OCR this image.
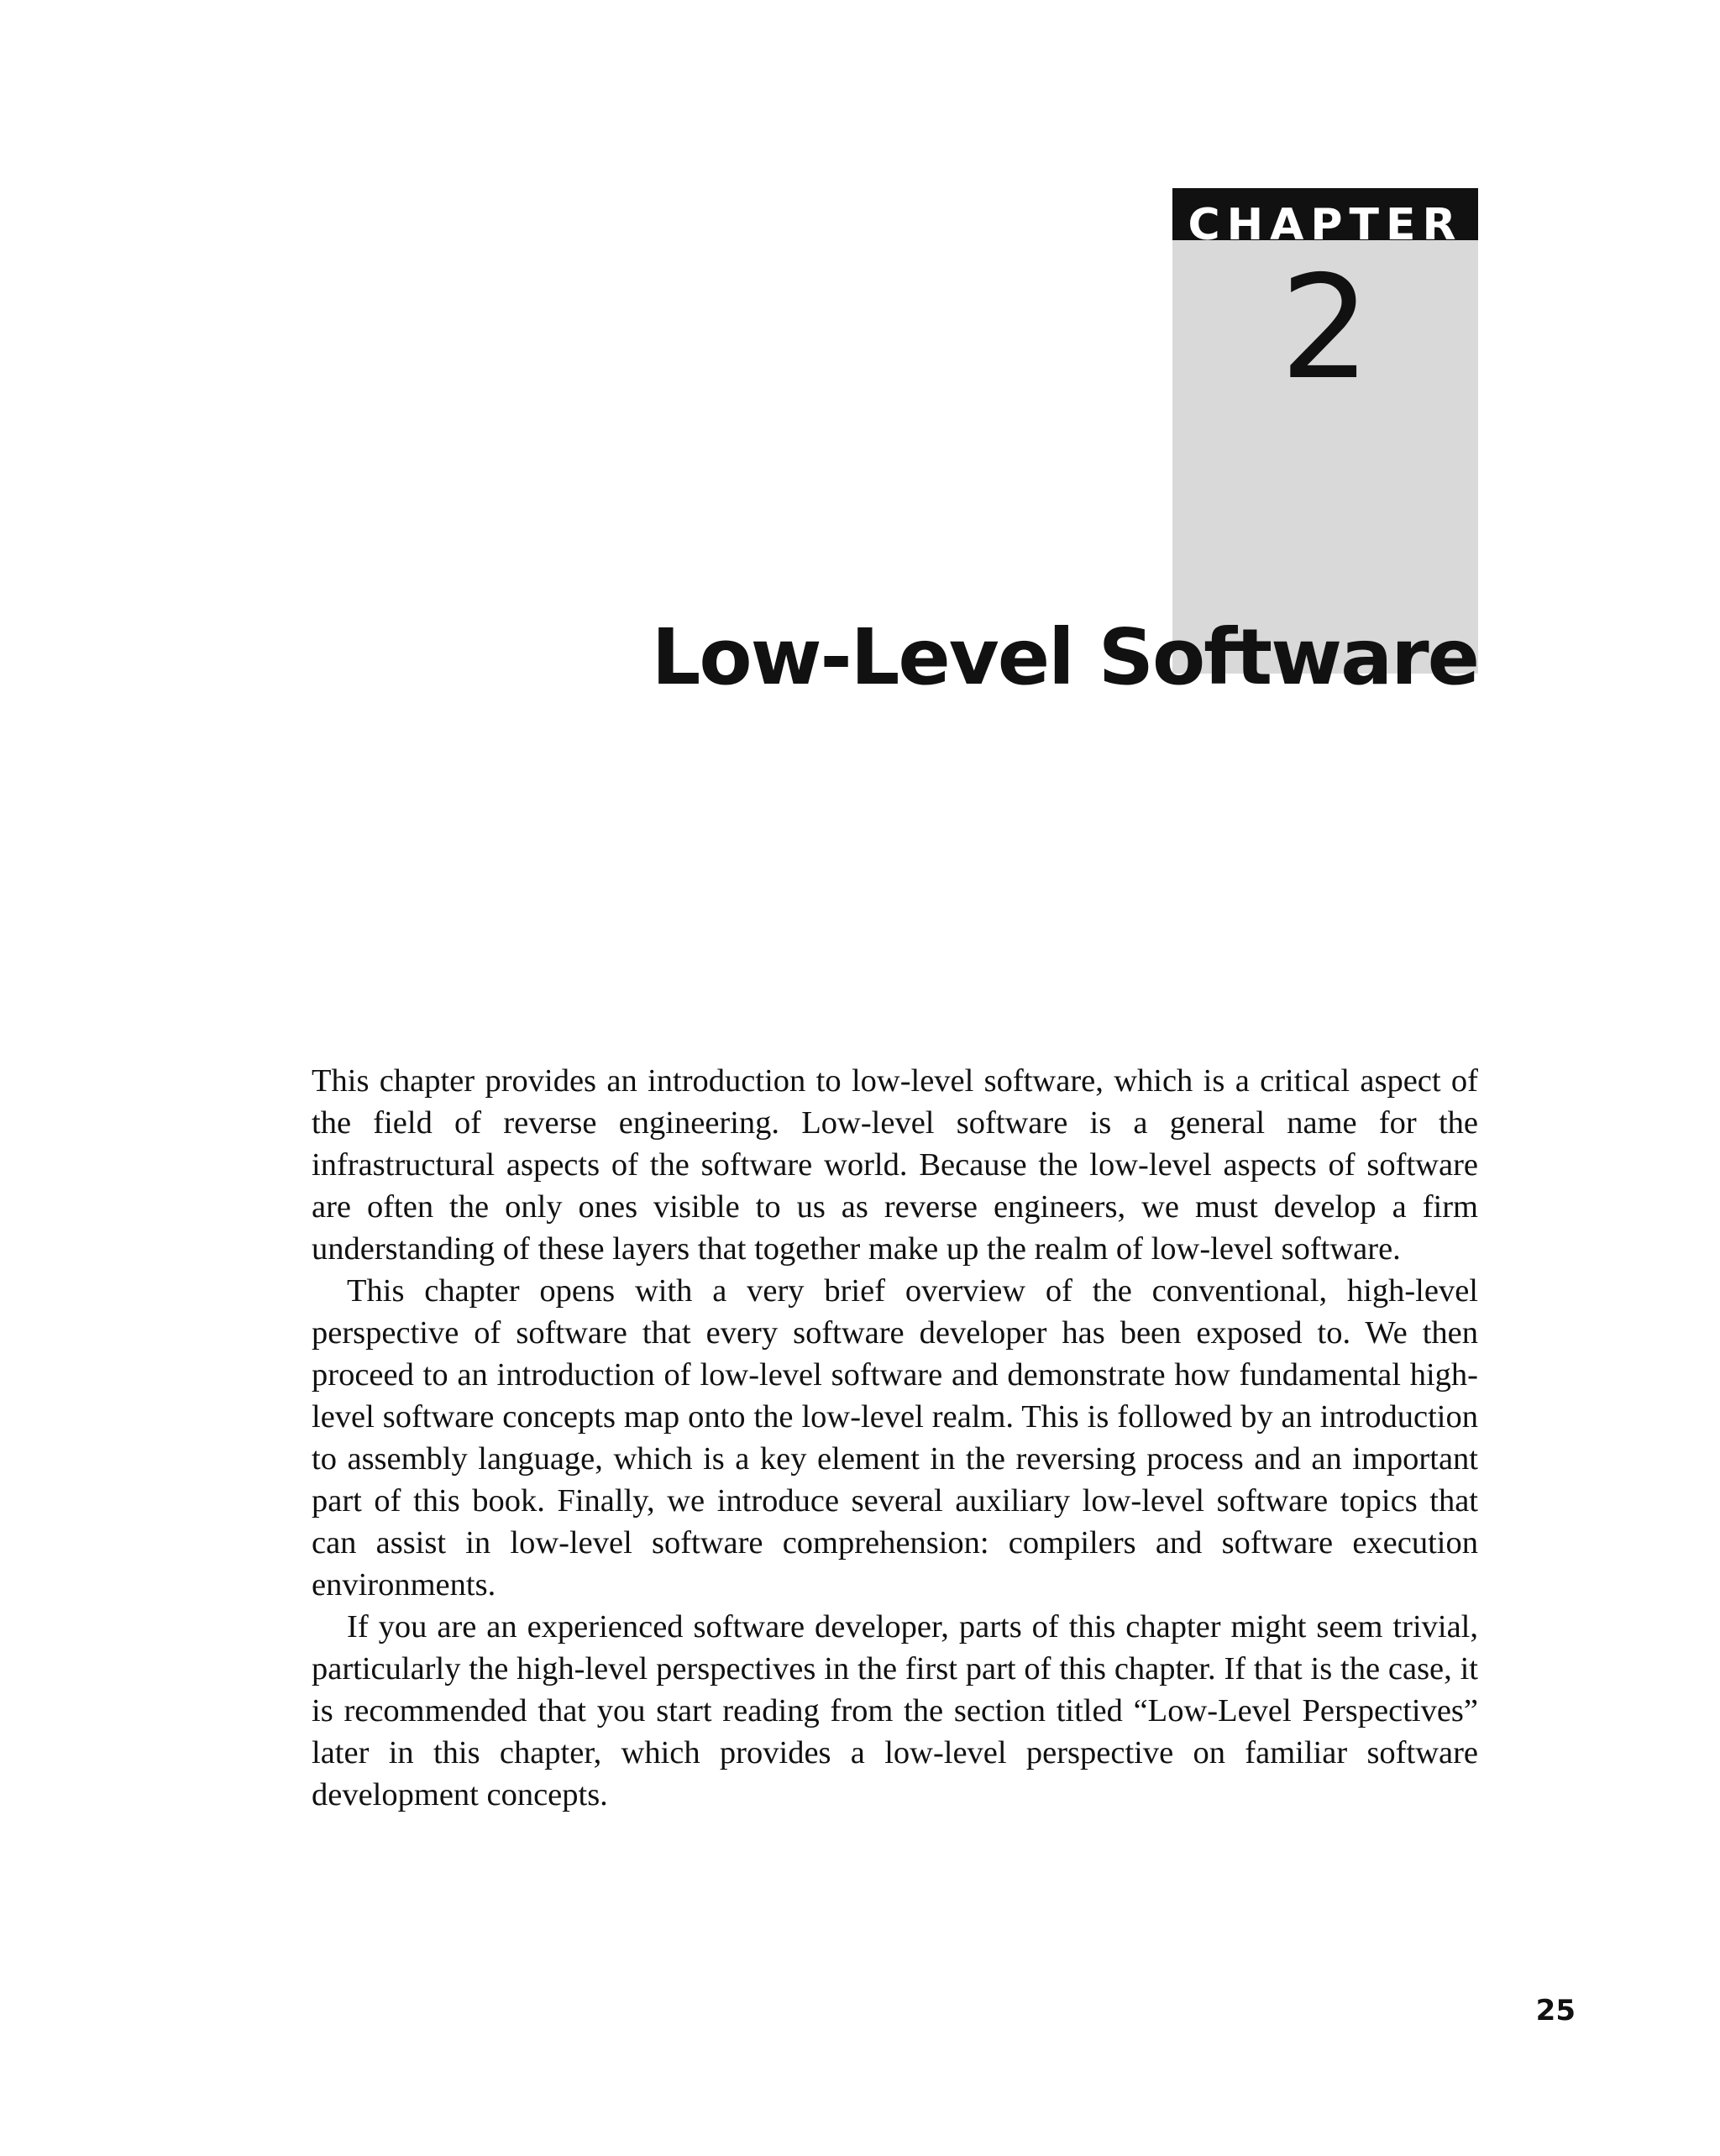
CHAPTER
2
Low-Level Software

This chapter provides an introduction to low-level software, which is a critical aspect of the field of reverse engineering. Low-level software is a general name for the infrastructural aspects of the software world. Because the low-level aspects of software are often the only ones visible to us as reverse engineers, we must develop a firm understanding of these layers that together make up the realm of low-level software.

This chapter opens with a very brief overview of the conventional, high-level perspective of software that every software developer has been exposed to. We then proceed to an introduction of low-level software and demonstrate how fundamental high-level software concepts map onto the low-level realm. This is followed by an introduction to assembly language, which is a key element in the reversing process and an important part of this book. Finally, we introduce several auxiliary low-level software topics that can assist in low-level software comprehension: compilers and software execution environments.

If you are an experienced software developer, parts of this chapter might seem trivial, particularly the high-level perspectives in the first part of this chapter. If that is the case, it is recommended that you start reading from the section titled “Low-Level Perspectives” later in this chapter, which provides a low-level perspective on familiar software development concepts.

25
